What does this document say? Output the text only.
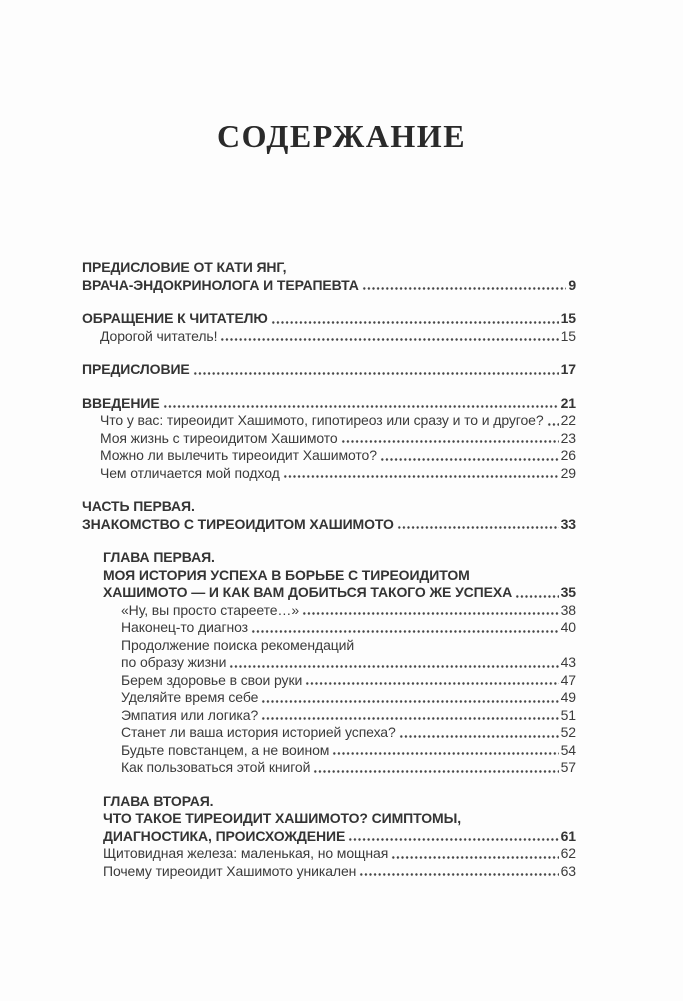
СОДЕРЖАНИЕ
ПРЕДИСЛОВИЕ ОТ КАТИ ЯНГ,
ВРАЧА-ЭНДОКРИНОЛОГА И ТЕРАПЕВТА	9
ОБРАЩЕНИЕ К ЧИТАТЕЛЮ	15
Дорогой читатель!	15
ПРЕДИСЛОВИЕ	17
ВВЕДЕНИЕ	21
Что у вас: тиреоидит Хашимото, гипотиреоз или сразу и то и другое? 22
Моя жизнь с тиреоидитом Хашимото	23
Можно ли вылечить тиреоидит Хашимото?	26
Чем отличается мой подход	29
ЧАСТЬ ПЕРВАЯ.
ЗНАКОМСТВО С ТИРЕОИДИТОМ ХАШИМОТО	33
ГЛАВА ПЕРВАЯ.
МОЯ ИСТОРИЯ УСПЕХА В БОРЬБЕ С ТИРЕОИДИТОМ
ХАШИМОТО — И КАК ВАМ ДОБИТЬСЯ ТАКОГО ЖЕ УСПЕХА	35
«Ну, вы просто стареете…»	38
Наконец-то диагноз	40
Продолжение поиска рекомендаций
по образу жизни	43
Берем здоровье в свои руки	47
Уделяйте время себе	49
Эмпатия или логика?	51
Станет ли ваша история историей успеха?	52
Будьте повстанцем, а не воином	54
Как пользоваться этой книгой	57
ГЛАВА ВТОРАЯ.
ЧТО ТАКОЕ ТИРЕОИДИТ ХАШИМОТО? СИМПТОМЫ,
ДИАГНОСТИКА, ПРОИСХОЖДЕНИЕ	61
Щитовидная железа: маленькая, но мощная	62
Почему тиреоидит Хашимото уникален	63
